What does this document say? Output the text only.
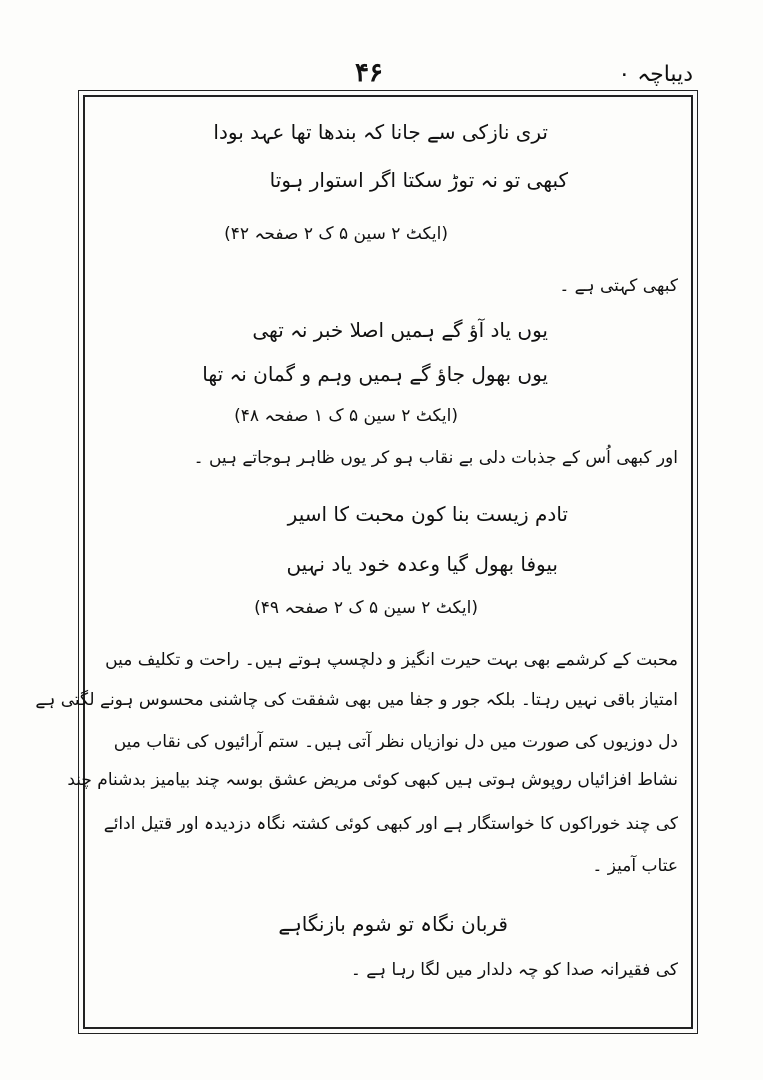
دیباچہ ۰
۴۶
تری نازکی سے جانا کہ بندھا تھا عہد بودا
کبھی تو نہ توڑ سکتا اگر استوار ہوتا
(ایکٹ ۲ سین ۵ ک ۲ صفحہ ۴۲)
کبھی کہتی ہے ۔
یوں یاد آؤ گے ہمیں اصلا خبر نہ تھی
یوں بھول جاؤ گے ہمیں وہم و گمان نہ تھا
(ایکٹ ۲ سین ۵ ک ۱ صفحہ ۴۸)
اور کبھی اُس کے جذبات دلی بے نقاب ہو کر یوں ظاہر ہوجاتے ہیں ۔
تادم زیست بنا کون محبت کا اسیر
بیوفا بھول گیا وعدہ خود یاد نہیں
(ایکٹ ۲ سین ۵ ک ۲ صفحہ ۴۹)
محبت کے کرشمے بھی بہت حیرت انگیز و دلچسپ ہوتے ہیں۔ راحت و تکلیف میں
امتیاز باقی نہیں رہتا۔ بلکہ جور و جفا میں بھی شفقت کی چاشنی محسوس ہونے لگتی ہے
دل دوزیوں کی صورت میں دل نوازیاں نظر آتی ہیں۔ ستم آرائیوں کی نقاب میں
نشاط افزائیاں روپوش ہوتی ہیں کبھی کوئی مریض عشق بوسہ چند بیامیز بدشنام چند
کی چند خوراکوں کا خواستگار ہے اور کبھی کوئی کشتہ نگاہ دزدیدہ اور قتیل ادائے
عتاب آمیز ۔
قربان نگاہ تو شوم بازنگاہے
کی فقیرانہ صدا کو چہ دلدار میں لگا رہا ہے ۔
